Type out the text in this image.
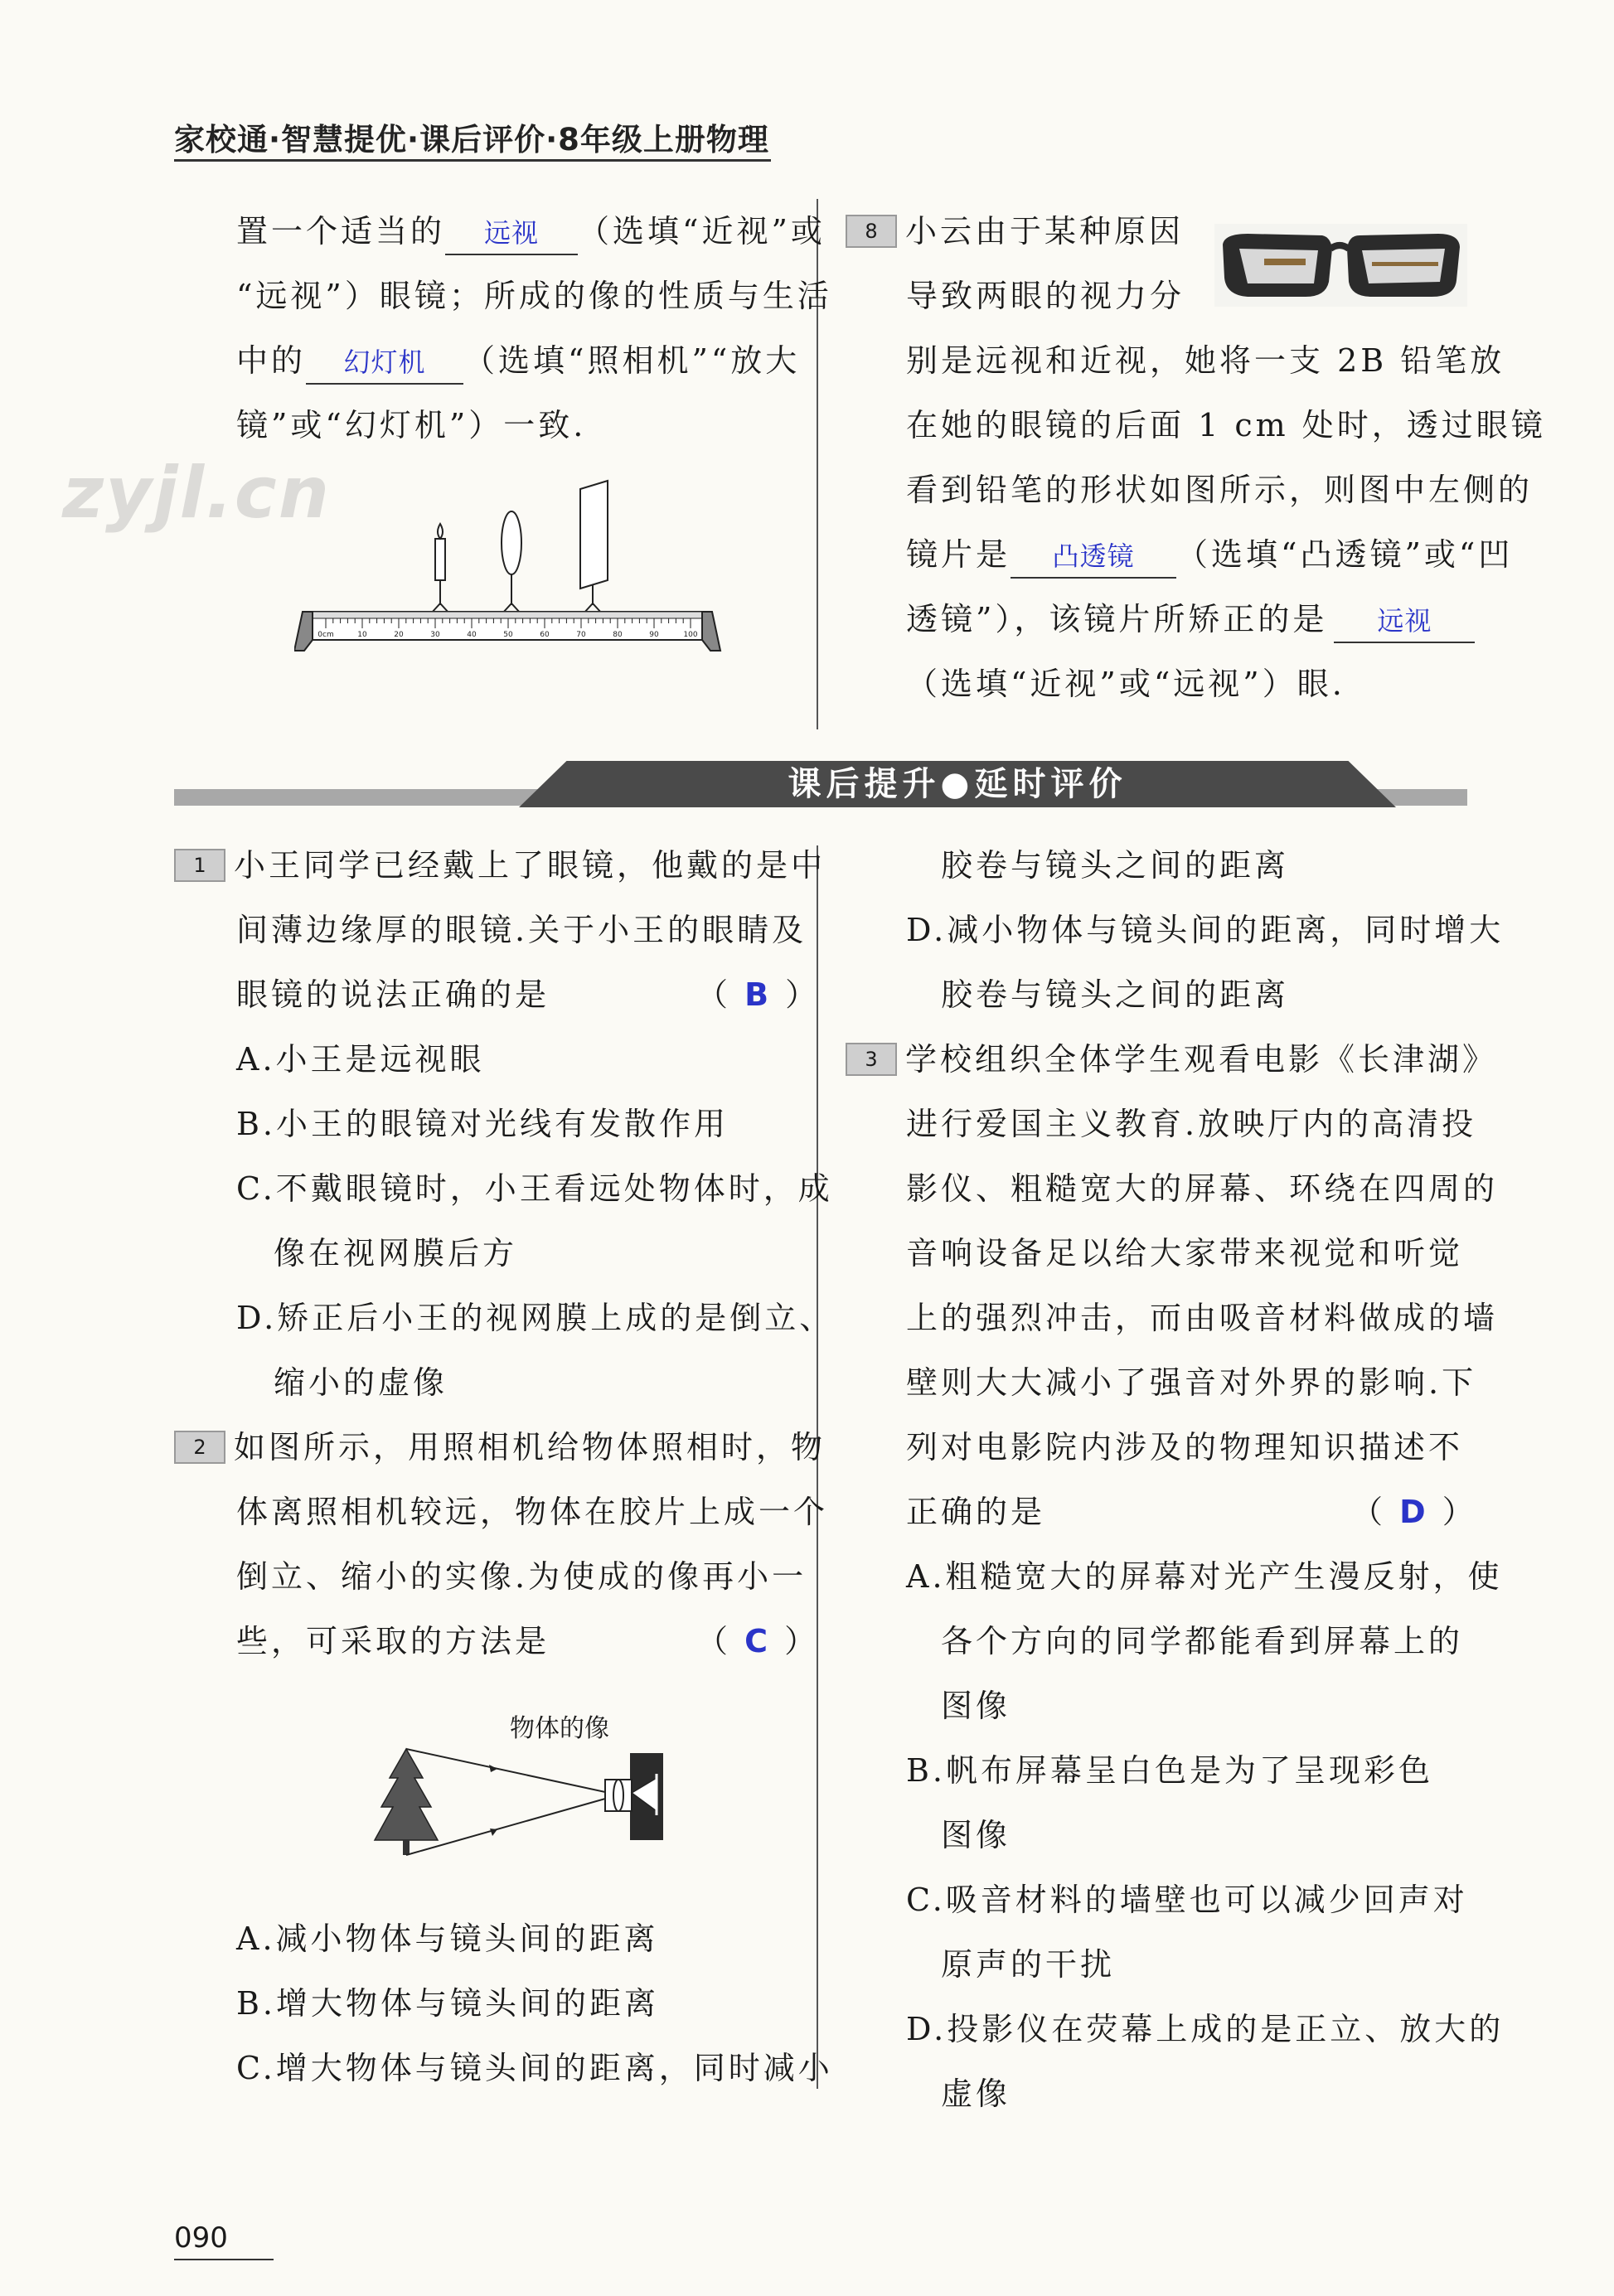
家校通·智慧提优·课后评价·8年级上册物理
zyjl.cn
置一个适当的 远视 （选填“近视”或
“远视”）眼镜；所成的像的性质与生活
中的 幻灯机 （选填“照相机”“放大
镜”或“幻灯机”）一致.
0cm	10	20	30	40	50	60	70	80	90	100
8 小云由于某种原因
导致两眼的视力分
别是远视和近视，她将一支 2B 铅笔放
在她的眼镜的后面 1 cm 处时，透过眼镜
看到铅笔的形状如图所示，则图中左侧的
镜片是 凸透镜 （选填“凸透镜”或“凹
透镜”），该镜片所矫正的是 远视
（选填“近视”或“远视”）眼.
课后提升●延时评价
1 小王同学已经戴上了眼镜，他戴的是中
间薄边缘厚的眼镜.关于小王的眼睛及
眼镜的说法正确的是	（ B ）
A.小王是远视眼
B.小王的眼镜对光线有发散作用
C.不戴眼镜时，小王看远处物体时，成
像在视网膜后方
D.矫正后小王的视网膜上成的是倒立、
缩小的虚像
2 如图所示，用照相机给物体照相时，物
体离照相机较远，物体在胶片上成一个
倒立、缩小的实像.为使成的像再小一
些，可采取的方法是	（ C ）
物体的像
A.减小物体与镜头间的距离
B.增大物体与镜头间的距离
C.增大物体与镜头间的距离，同时减小
胶卷与镜头之间的距离
D.减小物体与镜头间的距离，同时增大
胶卷与镜头之间的距离
3 学校组织全体学生观看电影《长津湖》
进行爱国主义教育.放映厅内的高清投
影仪、粗糙宽大的屏幕、环绕在四周的
音响设备足以给大家带来视觉和听觉
上的强烈冲击，而由吸音材料做成的墙
壁则大大减小了强音对外界的影响.下
列对电影院内涉及的物理知识描述不
正确的是	（ D ）
A.粗糙宽大的屏幕对光产生漫反射，使
各个方向的同学都能看到屏幕上的
图像
B.帆布屏幕呈白色是为了呈现彩色
图像
C.吸音材料的墙壁也可以减少回声对
原声的干扰
D.投影仪在荧幕上成的是正立、放大的
虚像
090
